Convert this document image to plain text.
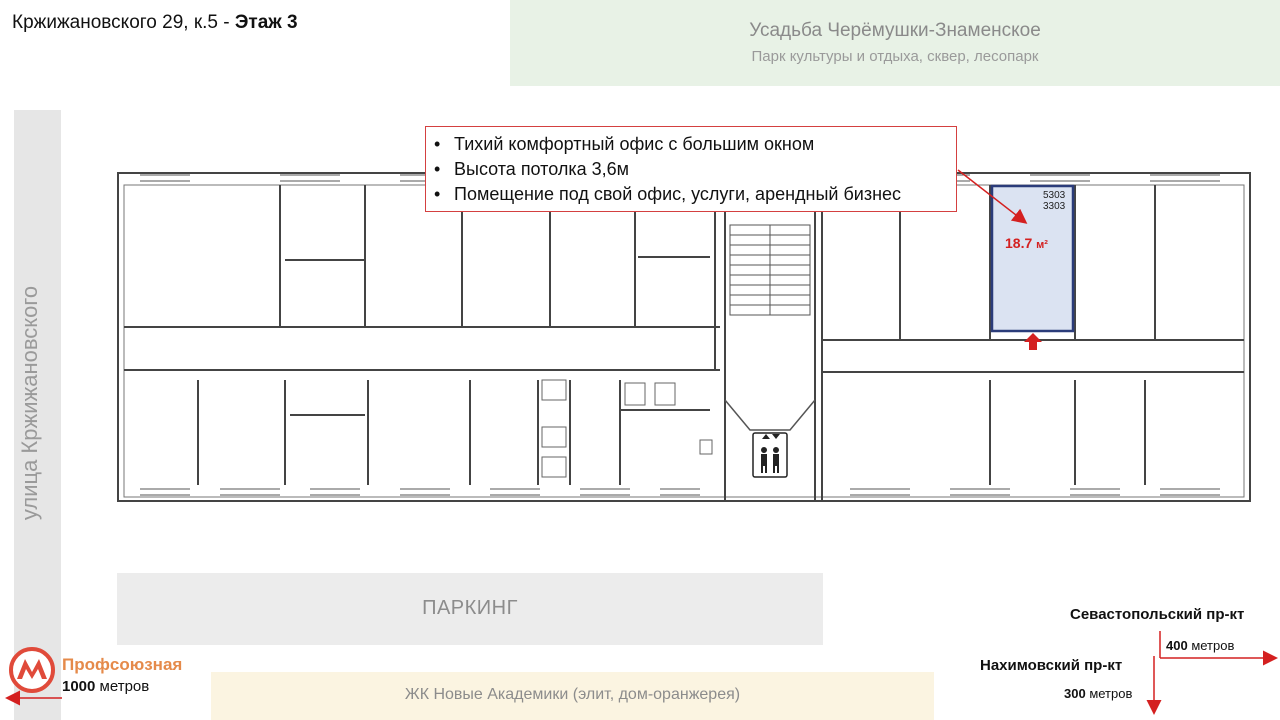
Кржижановского 29, к.5 - Этаж 3	Усадьба Черёмушки-Знаменское
Парк культуры и отдыха, сквер, лесопарк
улица Кржижановского
5303
3303
18.7 м²
• Тихий комфортный офис с большим окном
• Высота потолка 3,6м
• Помещение под свой офис, услуги, арендный бизнес
ПАРКИНГ
ЖК Новые Академики (элит, дом-оранжерея)
Профсоюзная
1000 метров
Севастопольский пр-кт
400 метров
Нахимовский пр-кт
300 метров
